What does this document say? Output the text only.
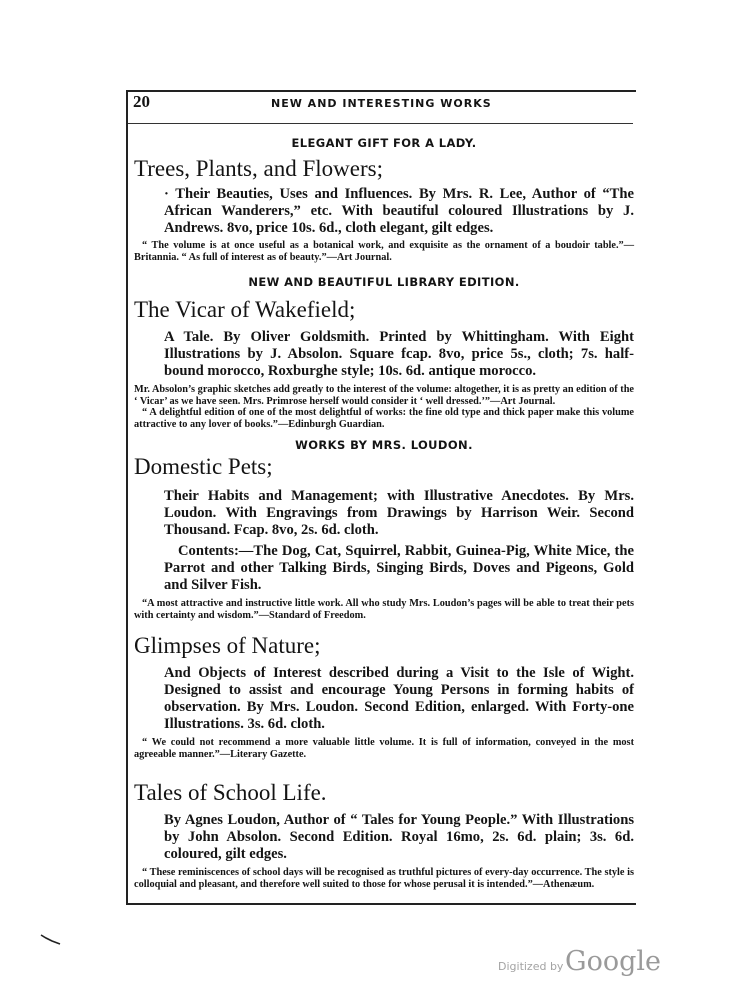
20	NEW AND INTERESTING WORKS
ELEGANT GIFT FOR A LADY.
Trees, Plants, and Flowers;

· Their Beauties, Uses and Influences. By Mrs. R. Lee, Author of “The African Wanderers,” etc. With beautiful coloured Illustrations by J. Andrews. 8vo, price 10s. 6d., cloth elegant, gilt edges.

“ The volume is at once useful as a botanical work, and exquisite as the ornament of a boudoir table.”—Britannia. “ As full of interest as of beauty.”—Art Journal.

NEW AND BEAUTIFUL LIBRARY EDITION.
The Vicar of Wakefield;

A Tale. By Oliver Goldsmith. Printed by Whittingham. With Eight Illustrations by J. Absolon. Square fcap. 8vo, price 5s., cloth; 7s. half-bound morocco, Roxburghe style; 10s. 6d. antique morocco.

Mr. Absolon’s graphic sketches add greatly to the interest of the volume: altogether, it is as pretty an edition of the ‘ Vicar’ as we have seen. Mrs. Primrose herself would consider it ‘ well dressed.’”—Art Journal.

“ A delightful edition of one of the most delightful of works: the fine old type and thick paper make this volume attractive to any lover of books.”—Edinburgh Guardian.

WORKS BY MRS. LOUDON.
Domestic Pets;

Their Habits and Management; with Illustrative Anecdotes. By Mrs. Loudon. With Engravings from Drawings by Harrison Weir. Second Thousand. Fcap. 8vo, 2s. 6d. cloth.

Contents:—The Dog, Cat, Squirrel, Rabbit, Guinea-Pig, White Mice, the Parrot and other Talking Birds, Singing Birds, Doves and Pigeons, Gold and Silver Fish.

“A most attractive and instructive little work. All who study Mrs. Loudon’s pages will be able to treat their pets with certainty and wisdom.”—Standard of Freedom.

Glimpses of Nature;

And Objects of Interest described during a Visit to the Isle of Wight. Designed to assist and encourage Young Persons in forming habits of observation. By Mrs. Loudon. Second Edition, enlarged. With Forty-one Illustrations. 3s. 6d. cloth.

“ We could not recommend a more valuable little volume. It is full of information, conveyed in the most agreeable manner.”—Literary Gazette.

Tales of School Life.

By Agnes Loudon, Author of “ Tales for Young People.” With Illustrations by John Absolon. Second Edition. Royal 16mo, 2s. 6d. plain; 3s. 6d. coloured, gilt edges.

“ These reminiscences of school days will be recognised as truthful pictures of every-day occurrence. The style is colloquial and pleasant, and therefore well suited to those for whose perusal it is intended.”—Athenæum.

Digitized by Google
